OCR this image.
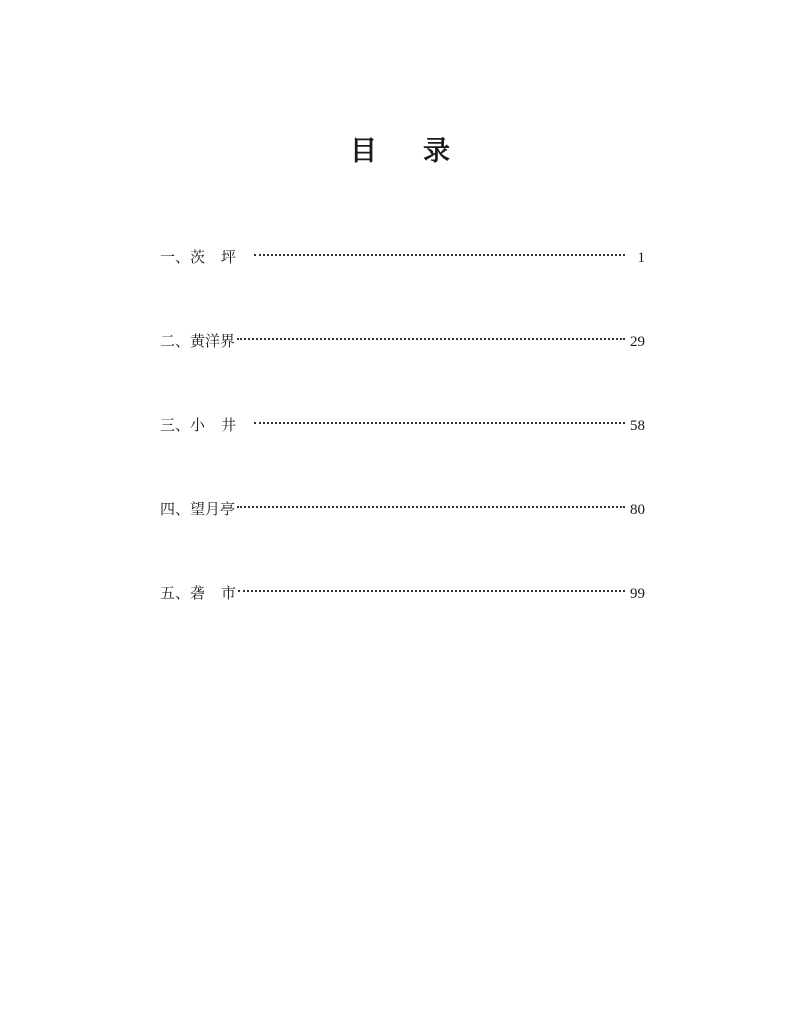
目 录
一、 茨 坪	1
二、 黄洋界	29
三、 小 井	58
四、 望月亭	80
五、 砻 市	99
